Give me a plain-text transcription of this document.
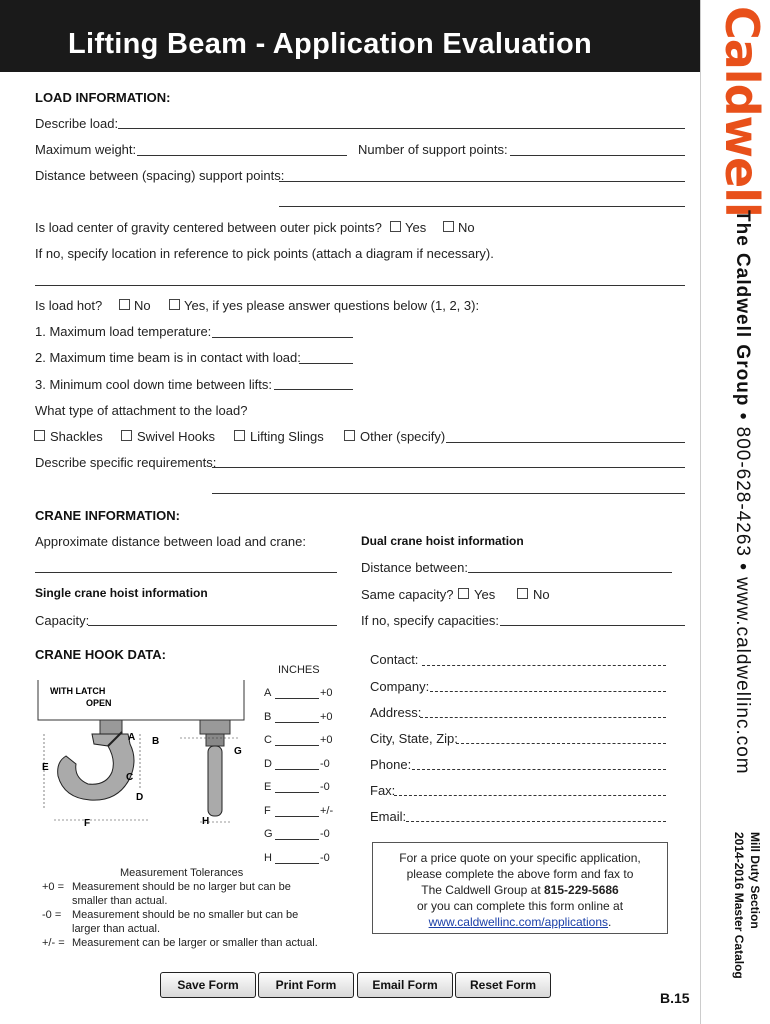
Lifting Beam - Application Evaluation	Caldwell
The Caldwell Group • 800-628-4263 • www.caldwellinc.com
Mill Duty Section
2014-2016 Master Catalog
LOAD INFORMATION:
Describe load:
Maximum weight:	Number of support points:
Distance between (spacing) support points:
Is load center of gravity centered between outer pick points? Yes No
If no, specify location in reference to pick points (attach a diagram if necessary).
Is load hot? No	Yes, if yes please answer questions below (1, 2, 3):
1. Maximum load temperature:
2. Maximum time beam is in contact with load:
3. Minimum cool down time between lifts:
What type of attachment to the load?
Shackles	Swivel Hooks	Lifting Slings	Other (specify)
Describe specific requirements:
CRANE INFORMATION:
Approximate distance between load and crane:	Dual crane hoist information
Distance between:
Single crane hoist information	Same capacity? Yes	No
Capacity:	If no, specify capacities:
CRANE HOOK DATA:
INCHES
WITH LATCH
OPEN
A B
C
D
E
F
G
H
A	+0
B	+0
C	+0
D	-0
E	-0
F	+/-
G	-0
H	-0
Measurement Tolerances
+0 = Measurement should be no larger but can be
smaller than actual.
-0 = Measurement should be no smaller but can be
larger than actual.
+/- = Measurement can be larger or smaller than actual.
Contact:
Company:
Address:
City, State, Zip:
Phone:
Fax:
Email:
For a price quote on your specific application,
please complete the above form and fax to
The Caldwell Group at 815-229-5686
or you can complete this form online at
www.caldwellinc.com/applications.
Save Form	Print Form	Email Form	Reset Form
B.15
